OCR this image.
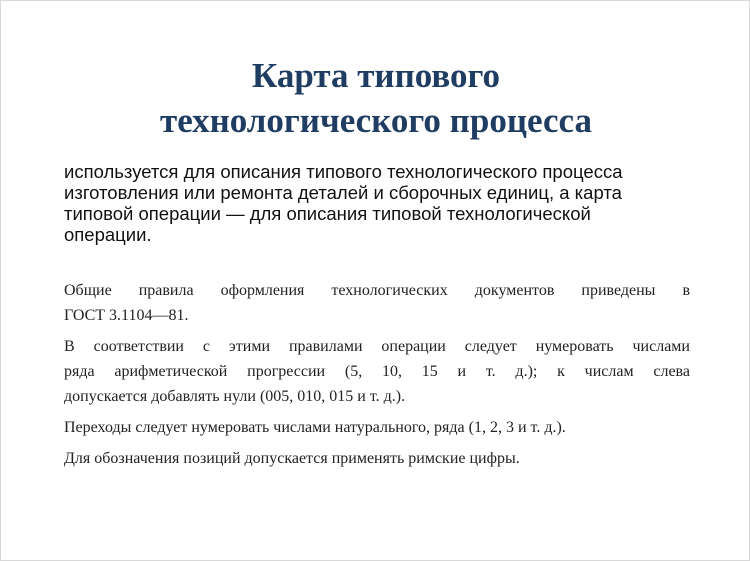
Карта типового
технологического процесса
используется для описания типового технологического процесса
изготовления или ремонта деталей и сборочных единиц, а карта
типовой операции — для описания типовой технологической
операции.

Общие правила оформления технологических документов приведены в
ГОСТ 3.1104—81.

В соответствии с этими правилами операции следует нумеровать числами
ряда арифметической прогрессии (5, 10, 15 и т. д.); к числам слева
допускается добавлять нули (005, 010, 015 и т. д.).

Переходы следует нумеровать числами натурального, ряда (1, 2, 3 и т. д.).

Для обозначения позиций допускается применять римские цифры.
